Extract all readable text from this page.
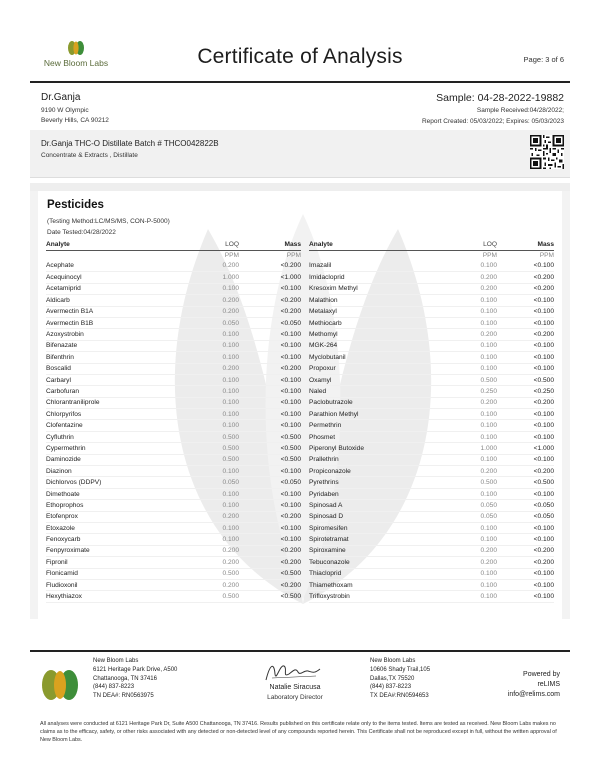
New Bloom Labs	Certificate of Analysis	Page: 3 of 6
Dr.Ganja
9190 W Olympic
Beverly Hills, CA 90212
Sample: 04-28-2022-19882
Sample Received:04/28/2022;
Report Created: 05/03/2022; Expires: 05/03/2023
Dr.Ganja THC-O Distillate Batch # THCO042822B
Concentrate & Extracts , Distillate
Pesticides
(Testing Method:LC/MS/MS, CON-P-5000)
Date Tested:04/28/2022
Analyte	LOQ	Mass
	PPM	PPM
Acephate	0.200	<0.200
Acequinocyl	1.000	<1.000
Acetamiprid	0.100	<0.100
Aldicarb	0.200	<0.200
Avermectin B1A	0.200	<0.200
Avermectin B1B	0.050	<0.050
Azoxystrobin	0.100	<0.100
Bifenazate	0.100	<0.100
Bifenthrin	0.100	<0.100
Boscalid	0.200	<0.200
Carbaryl	0.100	<0.100
Carbofuran	0.100	<0.100
Chlorantraniliprole	0.100	<0.100
Chlorpyrifos	0.100	<0.100
Clofentazine	0.100	<0.100
Cyfluthrin	0.500	<0.500
Cypermethrin	0.500	<0.500
Daminozide	0.500	<0.500
Diazinon	0.100	<0.100
Dichlorvos (DDPV)	0.050	<0.050
Dimethoate	0.100	<0.100
Ethoprophos	0.100	<0.100
Etofenprox	0.200	<0.200
Etoxazole	0.100	<0.100
Fenoxycarb	0.100	<0.100
Fenpyroximate	0.200	<0.200
Fipronil	0.200	<0.200
Flonicamid	0.500	<0.500
Fludioxonil	0.200	<0.200
Hexythiazox	0.500	<0.500
Analyte	LOQ	Mass
	PPM	PPM
Imazalil	0.100	<0.100
Imidacloprid	0.200	<0.200
Kresoxim Methyl	0.200	<0.200
Malathion	0.100	<0.100
Metalaxyl	0.100	<0.100
Methiocarb	0.100	<0.100
Methomyl	0.200	<0.200
MGK-264	0.100	<0.100
Myclobutanil	0.100	<0.100
Propoxur	0.100	<0.100
Oxamyl	0.500	<0.500
Naled	0.250	<0.250
Paclobutrazole	0.200	<0.200
Parathion Methyl	0.100	<0.100
Permethrin	0.100	<0.100
Phosmet	0.100	<0.100
Piperonyl Butoxide	1.000	<1.000
Prallethrin	0.100	<0.100
Propiconazole	0.200	<0.200
Pyrethrins	0.500	<0.500
Pyridaben	0.100	<0.100
Spinosad A	0.050	<0.050
Spinosad D	0.050	<0.050
Spiromesifen	0.100	<0.100
Spirotetramat	0.100	<0.100
Spiroxamine	0.200	<0.200
Tebuconazole	0.200	<0.200
Thiacloprid	0.100	<0.100
Thiamethoxam	0.100	<0.100
Trifloxystrobin	0.100	<0.100
New Bloom Labs
6121 Heritage Park Drive, A500
Chattanooga, TN 37416
(844) 837-8223
TN DEA#: RN0563975
Natalie Siracusa
Laboratory Director
New Bloom Labs
10606 Shady Trail,105
Dallas,TX 75520
(844) 837-8223
TX DEA#:RN0594653
Powered by
reLIMS
info@relims.com
All analyses were conducted at 6121 Heritage Park Dr, Suite A500 Chattanooga, TN 37416. Results published on this certificate relate only to the items tested. Items are tested as received. New Bloom Labs makes no claims as to the efficacy, safety, or other risks associated with any detected or non-detected level of any compounds reported herein. This Certificate shall not be reproduced except in full, without the written approval of New Bloom Labs.
